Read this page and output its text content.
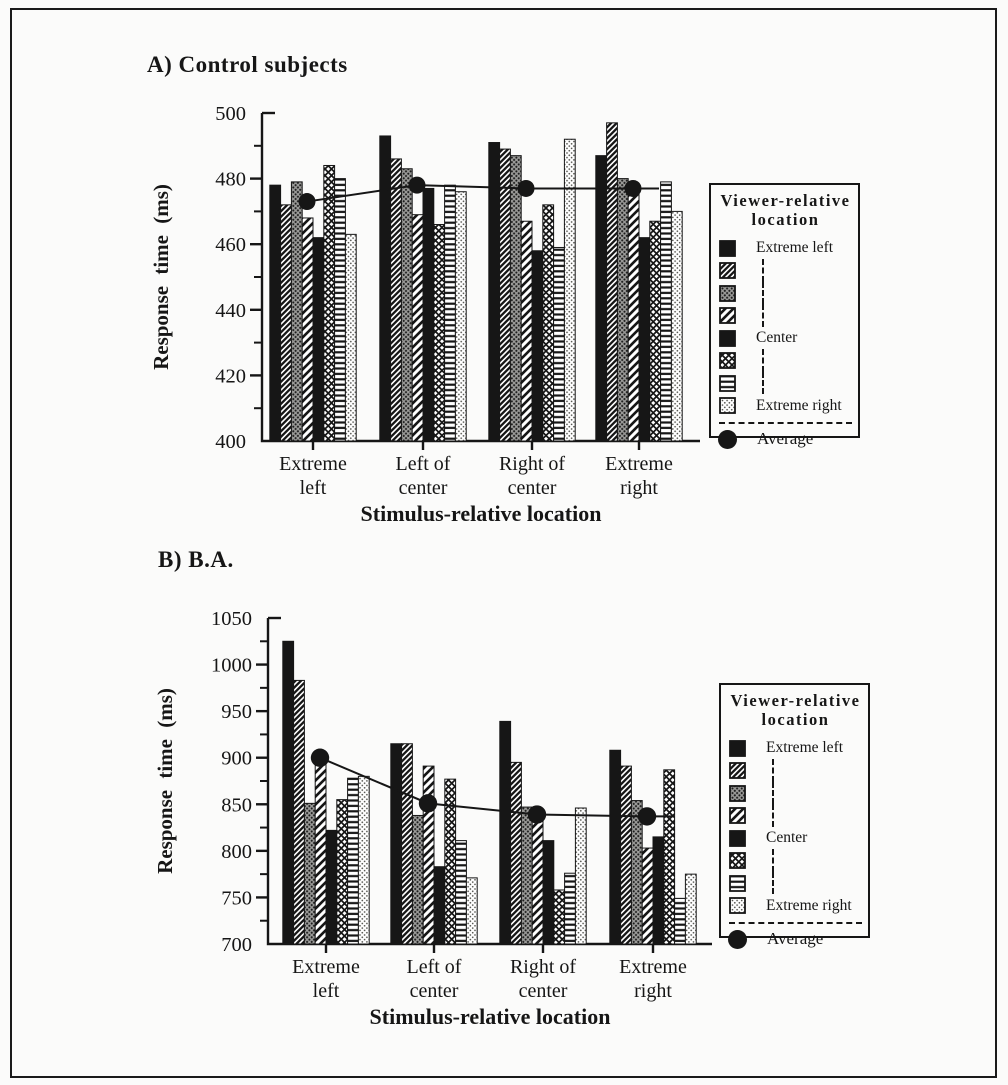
A) Control subjects
400
420
440
460
480
500
Extreme
left
Left of
center
Right of
center
Extreme
right
Response time (ms)
Stimulus-relative location
Viewer-relative
location
Extreme left
Center
Extreme right
Average
B) B.A.
700
750
800
850
900
950
1000
1050
Extreme
left
Left of
center
Right of
center
Extreme
right
Response time (ms)
Stimulus-relative location
Viewer-relative
location
Extreme left
Center
Extreme right
Average
